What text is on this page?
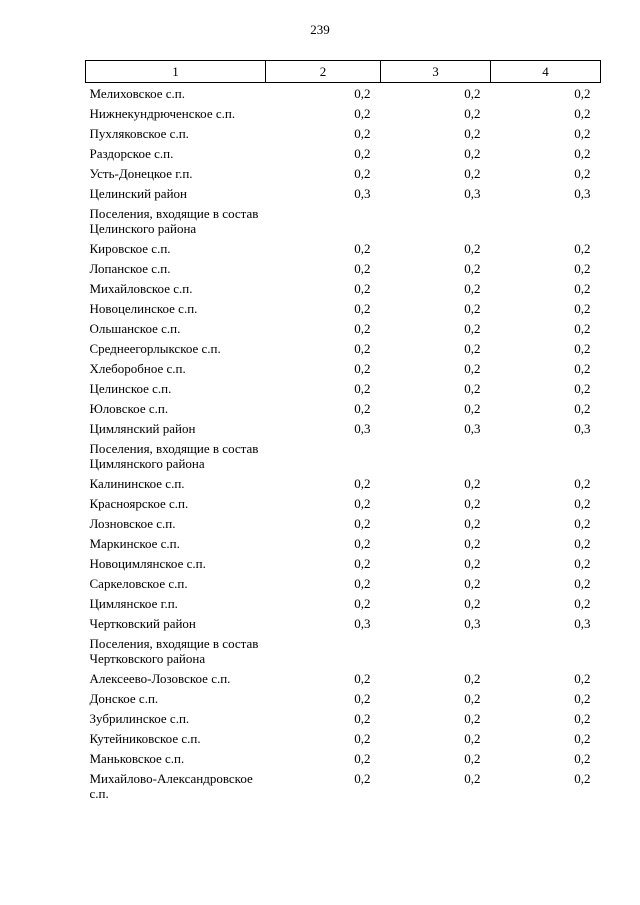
239
1	2	3	4
Мелиховское с.п.	0,2	0,2	0,2
Нижнекундрюченское с.п.	0,2	0,2	0,2
Пухляковское с.п.	0,2	0,2	0,2
Раздорское с.п.	0,2	0,2	0,2
Усть-Донецкое г.п.	0,2	0,2	0,2
Целинский район	0,3	0,3	0,3
Поселения, входящие в состав Целинского района			
Кировское с.п.	0,2	0,2	0,2
Лопанское с.п.	0,2	0,2	0,2
Михайловское с.п.	0,2	0,2	0,2
Новоцелинское с.п.	0,2	0,2	0,2
Ольшанское с.п.	0,2	0,2	0,2
Среднеегорлыкское с.п.	0,2	0,2	0,2
Хлеборобное с.п.	0,2	0,2	0,2
Целинское с.п.	0,2	0,2	0,2
Юловское с.п.	0,2	0,2	0,2
Цимлянский район	0,3	0,3	0,3
Поселения, входящие в состав Цимлянского района			
Калининское с.п.	0,2	0,2	0,2
Красноярское с.п.	0,2	0,2	0,2
Лозновское с.п.	0,2	0,2	0,2
Маркинское с.п.	0,2	0,2	0,2
Новоцимлянское с.п.	0,2	0,2	0,2
Саркеловское с.п.	0,2	0,2	0,2
Цимлянское г.п.	0,2	0,2	0,2
Чертковский район	0,3	0,3	0,3
Поселения, входящие в состав Чертковского района			
Алексеево-Лозовское с.п.	0,2	0,2	0,2
Донское с.п.	0,2	0,2	0,2
Зубрилинское с.п.	0,2	0,2	0,2
Кутейниковское с.п.	0,2	0,2	0,2
Маньковское с.п.	0,2	0,2	0,2
Михайлово-Александровское с.п.	0,2	0,2	0,2
